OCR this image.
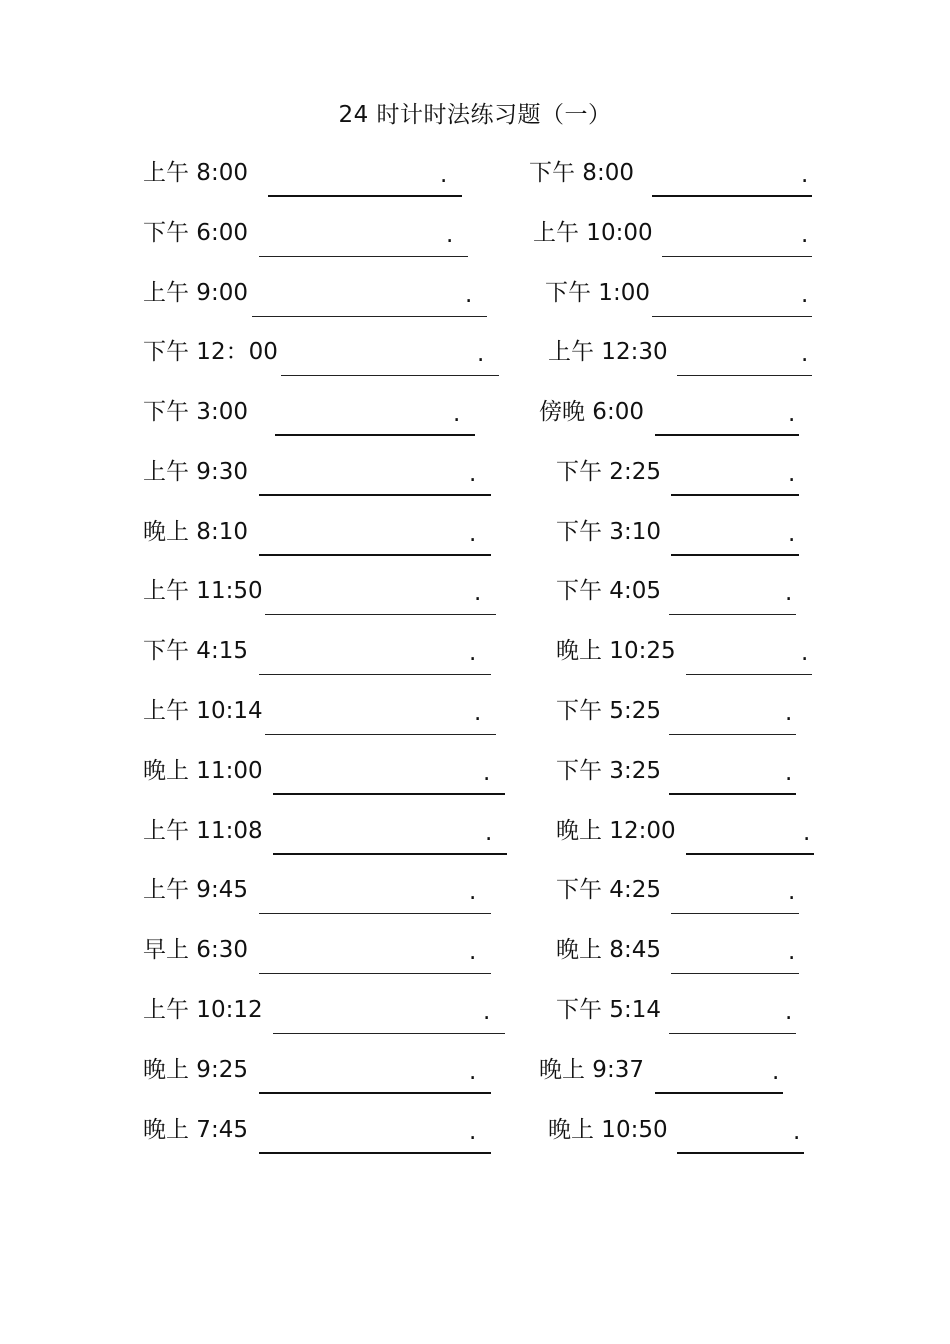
24 时计时法练习题（一）
上午 8:00	.	下午 8:00	.
下午 6:00	.	上午 10:00	.
上午 9:00	.	下午 1:00	.
下午 12：00	.	上午 12:30	.
下午 3:00	.	傍晚 6:00	.
上午 9:30	.	下午 2:25	.
晚上 8:10	.	下午 3:10	.
上午 11:50	.	下午 4:05	.
下午 4:15	.	晚上 10:25	.
上午 10:14	.	下午 5:25	.
晚上 11:00	.	下午 3:25	.
上午 11:08	.	晚上 12:00	.
上午 9:45	.	下午 4:25	.
早上 6:30	.	晚上 8:45	.
上午 10:12	.	下午 5:14	.
晚上 9:25	.	晚上 9:37	.
晚上 7:45	.	晚上 10:50	.
